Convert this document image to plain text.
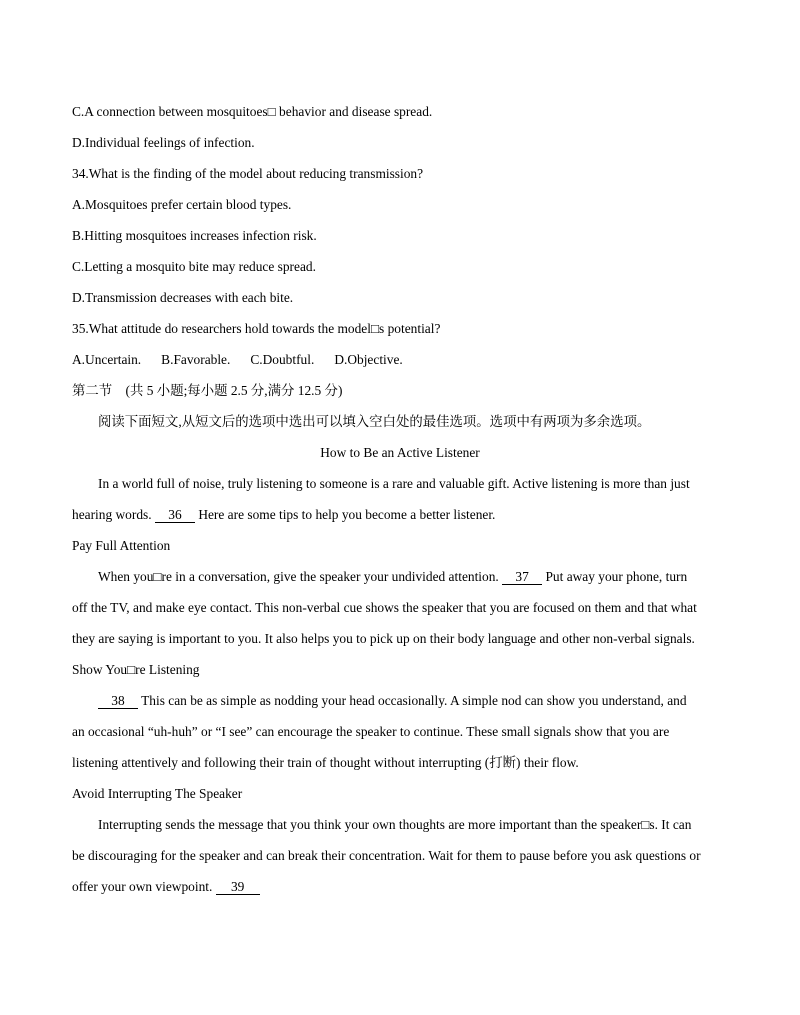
C.A connection between mosquitoes□ behavior and disease spread.
D.Individual feelings of infection.
34.What is the finding of the model about reducing transmission?
A.Mosquitoes prefer certain blood types.
B.Hitting mosquitoes increases infection risk.
C.Letting a mosquito bite may reduce spread.
D.Transmission decreases with each bite.
35.What attitude do researchers hold towards the model□s potential?
A.Uncertain. B.Favorable. C.Doubtful. D.Objective.
第二节　(共 5 小题;每小题 2.5 分,满分 12.5 分)
阅读下面短文,从短文后的选项中选出可以填入空白处的最佳选项。选项中有两项为多余选项。
How to Be an Active Listener
In a world full of noise, truly listening to someone is a rare and valuable gift. Active listening is more than just
hearing words. 36 Here are some tips to help you become a better listener.
Pay Full Attention
When you□re in a conversation, give the speaker your undivided attention. 37 Put away your phone, turn
off the TV, and make eye contact. This non-verbal cue shows the speaker that you are focused on them and that what
they are saying is important to you. It also helps you to pick up on their body language and other non-verbal signals.
Show You□re Listening
38 This can be as simple as nodding your head occasionally. A simple nod can show you understand, and
an occasional “uh-huh” or “I see” can encourage the speaker to continue. These small signals show that you are
listening attentively and following their train of thought without interrupting (打断) their flow.
Avoid Interrupting The Speaker
Interrupting sends the message that you think your own thoughts are more important than the speaker□s. It can
be discouraging for the speaker and can break their concentration. Wait for them to pause before you ask questions or
offer your own viewpoint. 39
